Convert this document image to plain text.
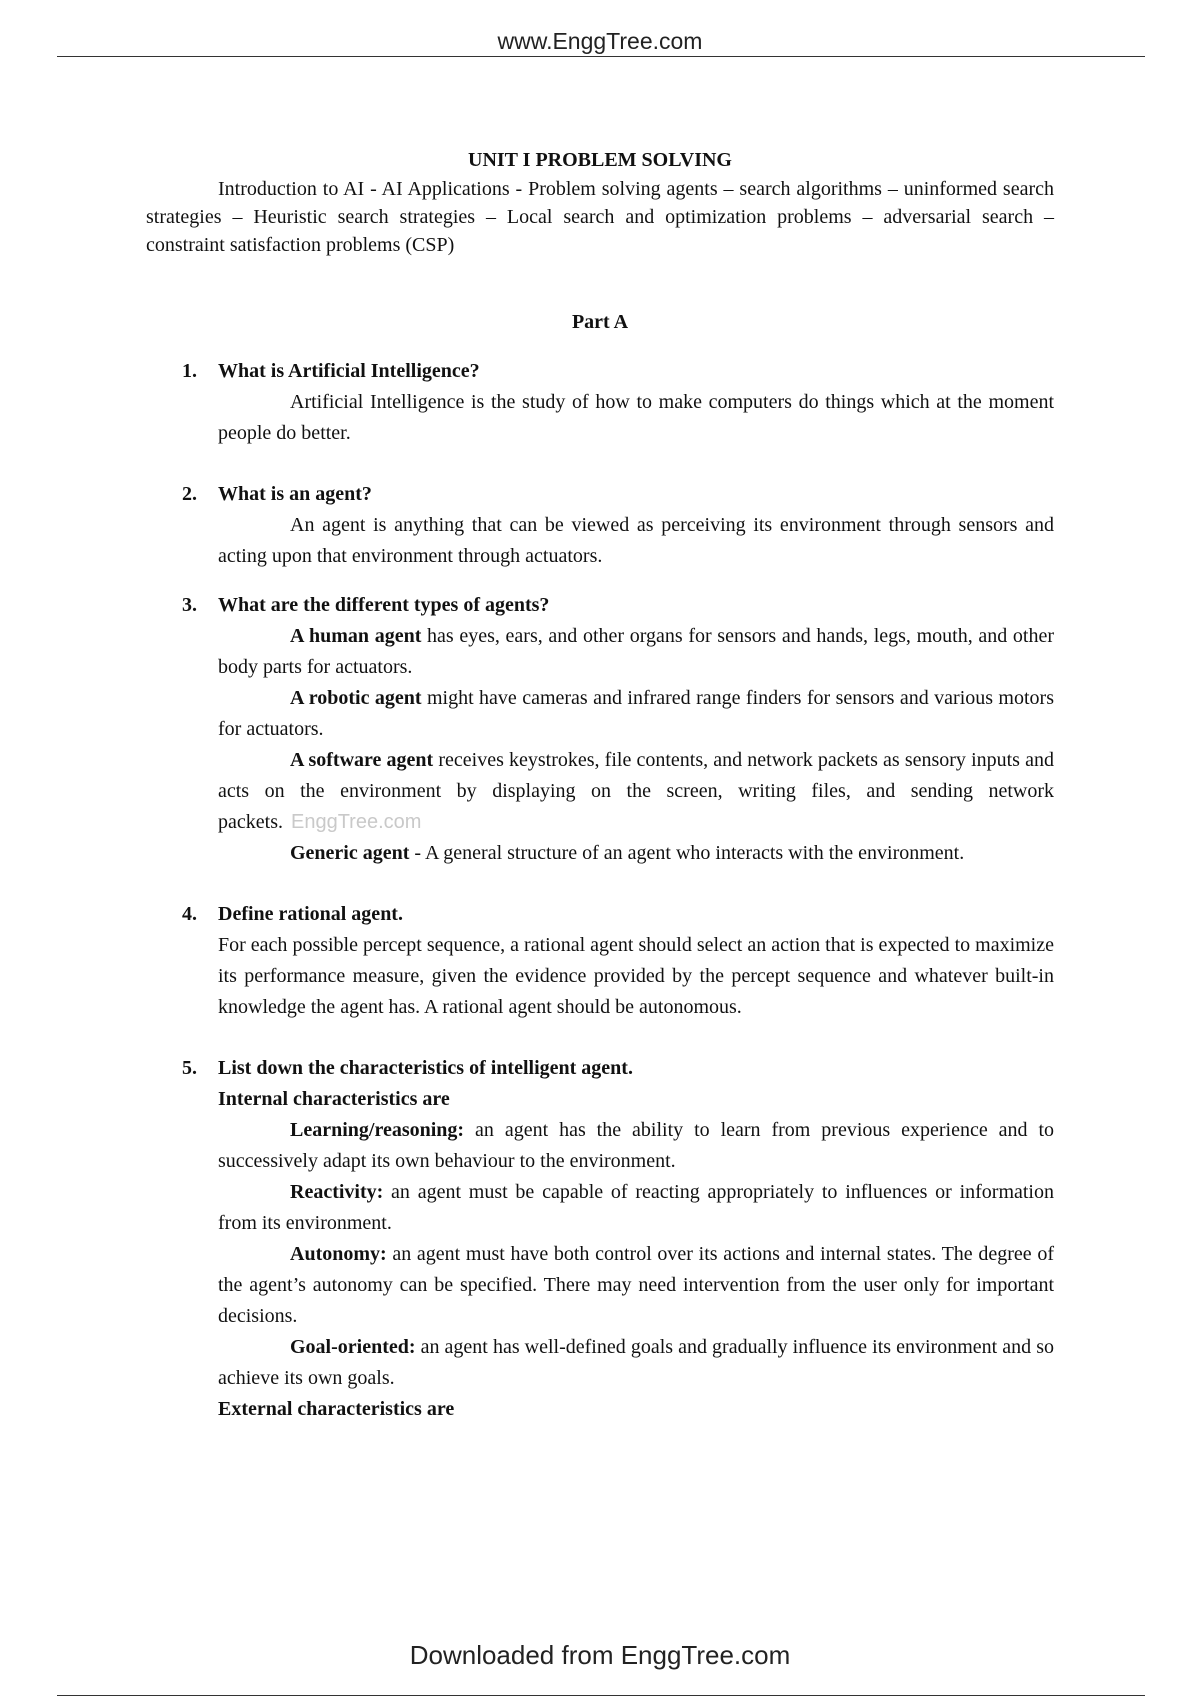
www.EnggTree.com

UNIT I PROBLEM SOLVING

Introduction to AI - AI Applications - Problem solving agents – search algorithms – uninformed search strategies – Heuristic search strategies – Local search and optimization problems – adversarial search – constraint satisfaction problems (CSP)

Part A

1. What is Artificial Intelligence?

Artificial Intelligence is the study of how to make computers do things which at the moment people do better.

2. What is an agent?

An agent is anything that can be viewed as perceiving its environment through sensors and acting upon that environment through actuators.

3. What are the different types of agents?

A human agent has eyes, ears, and other organs for sensors and hands, legs, mouth, and other body parts for actuators.

A robotic agent might have cameras and infrared range finders for sensors and various motors for actuators.

A software agent receives keystrokes, file contents, and network packets as sensory inputs and acts on the environment by displaying on the screen, writing files, and sending network packets. EnggTree.com

Generic agent - A general structure of an agent who interacts with the environment.

4. Define rational agent.

For each possible percept sequence, a rational agent should select an action that is expected to maximize its performance measure, given the evidence provided by the percept sequence and whatever built-in knowledge the agent has. A rational agent should be autonomous.

5. List down the characteristics of intelligent agent.

Internal characteristics are

Learning/reasoning: an agent has the ability to learn from previous experience and to successively adapt its own behaviour to the environment.

Reactivity: an agent must be capable of reacting appropriately to influences or information from its environment.

Autonomy: an agent must have both control over its actions and internal states. The degree of the agent’s autonomy can be specified. There may need intervention from the user only for important decisions.

Goal-oriented: an agent has well-defined goals and gradually influence its environment and so achieve its own goals.

External characteristics are

Downloaded from EnggTree.com
